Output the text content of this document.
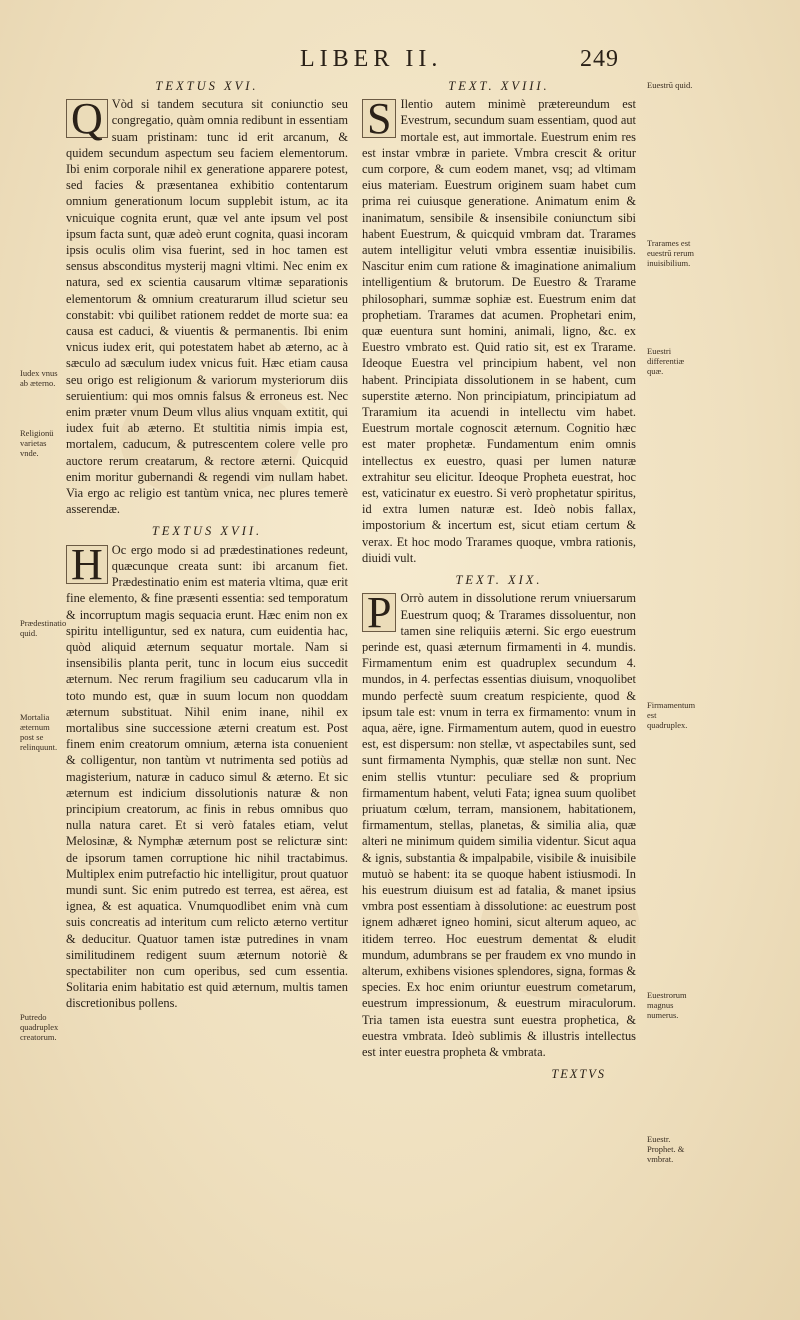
LIBER II.	249
TEXTUS XVI.

Q Vòd si tandem secutura sit coniunctio seu congregatio, quàm omnia redibunt in essentiam suam pristinam: tunc id erit arcanum, & quidem secundum aspectum seu faciem elementorum. Ibi enim corporale nihil ex generatione apparere potest, sed facies & præsentanea exhibitio contentarum omnium generationum locum supplebit istum, ac ita vnicuique cognita erunt, quæ vel ante ipsum vel post ipsum facta sunt, quæ adeò erunt cognita, quasi incoram ipsis oculis olim visa fuerint, sed in hoc tamen est sensus absconditus mysterij magni vltimi. Nec enim ex natura, sed ex scientia causarum vltimæ separationis elementorum & omnium creaturarum illud scietur seu constabit: vbi quilibet rationem reddet de morte sua: ea causa est caduci, & viuentis & permanentis. Ibi enim vnicus iudex erit, qui potestatem habet ab æterno, ac à sæculo ad sæculum iudex vnicus fuit. Hæc etiam causa seu origo est religionum & variorum mysteriorum diis seruientium: qui mos omnis falsus & erroneus est. Nec enim præter vnum Deum vllus alius vnquam extitit, qui iudex fuit ab æterno. Et stultitia nimis impia est, mortalem, caducum, & putrescentem colere velle pro auctore rerum creatarum, & rectore æterni. Quicquid enim moritur gubernandi & regendi vim nullam habet. Via ergo ac religio est tantùm vnica, nec plures temerè asserendæ.

TEXTUS XVII.

H Oc ergo modo si ad prædestinationes redeunt, quæcunque creata sunt: ibi arcanum fiet. Prædestinatio enim est materia vltima, quæ erit fine elemento, & fine præsenti essentia: sed temporatum & incorruptum magis sequacia erunt. Hæc enim non ex spiritu intelliguntur, sed ex natura, cum euidentia hac, quòd aliquid æternum sequatur mortale. Nam si insensibilis planta perit, tunc in locum eius succedit æternum. Nec rerum fragilium seu caducarum vlla in toto mundo est, quæ in suum locum non quoddam æternum substituat. Nihil enim inane, nihil ex mortalibus sine successione æterni creatum est. Post finem enim creatorum omnium, æterna ista conuenient & colligentur, non tantùm vt nutrimenta sed potiùs ad magisterium, naturæ in caduco simul & æterno. Et sic æternum est indicium dissolutionis naturæ & non principium creatorum, ac finis in rebus omnibus quo nulla natura caret. Et si verò fatales etiam, velut Melosinæ, & Nymphæ æternum post se relicturæ sint: de ipsorum tamen corruptione hic nihil tractabimus. Multiplex enim putrefactio hic intelligitur, prout quatuor mundi sunt. Sic enim putredo est terrea, est aërea, est ignea, & est aquatica. Vnumquodlibet enim vnà cum suis concreatis ad interitum cum relicto æterno vertitur & deducitur. Quatuor tamen istæ putredines in vnam similitudinem redigent suum æternum notoriè & spectabiliter non cum operibus, sed cum essentia. Solitaria enim habitatio est quid æternum, multis tamen discretionibus pollens.

TEXT. XVIII.

S Ilentio autem minimè prætereundum est Evestrum, secundum suam essentiam, quod aut mortale est, aut immortale. Euestrum enim res est instar vmbræ in pariete. Vmbra crescit & oritur cum corpore, & cum eodem manet, vsq; ad vltimam eius materiam. Euestrum originem suam habet cum prima rei cuiusque generatione. Animatum enim & inanimatum, sensibile & insensibile coniunctum sibi habent Euestrum, & quicquid vmbram dat. Trarames autem intelligitur veluti vmbra essentiæ inuisibilis. Nascitur enim cum ratione & imaginatione animalium intelligentium & brutorum. De Euestro & Trarame philosophari, summæ sophiæ est. Euestrum enim dat prophetiam. Trarames dat acumen. Prophetari enim, quæ euentura sunt homini, animali, ligno, &c. ex Euestro vmbrato est. Quid ratio sit, est ex Trarame. Ideoque Euestra vel principium habent, vel non habent. Principiata dissolutionem in se habent, cum superstite æterno. Non principiatum, principiatum ad Traramium ita acuendi in intellectu vim habet. Euestrum mortale cognoscit æternum. Cognitio hæc est mater prophetæ. Fundamentum enim omnis intellectus ex euestro, quasi per lumen naturæ extrahitur seu elicitur. Ideoque Propheta euestrat, hoc est, vaticinatur ex euestro. Si verò prophetatur spiritus, id extra lumen naturæ est. Ideò nobis fallax, impostorium & incertum est, sicut etiam certum & verax. Et hoc modo Trarames quoque, vmbra rationis, diuidi vult.

TEXT. XIX.

P Orrò autem in dissolutione rerum vniuersarum Euestrum quoq; & Trarames dissoluentur, non tamen sine reliquiis æterni. Sic ergo euestrum perinde est, quasi æternum firmamenti in 4. mundis. Firmamentum enim est quadruplex secundum 4. mundos, in 4. perfectas essentias diuisum, vnoquolibet mundo perfectè suum creatum respiciente, quod & ipsum tale est: vnum in terra ex firmamento: vnum in aqua, aëre, igne. Firmamentum autem, quod in euestro est, est dispersum: non stellæ, vt aspectabiles sunt, sed sunt firmamenta Nymphis, quæ stellæ non sunt. Nec enim stellis vtuntur: peculiare sed & proprium firmamentum habent, veluti Fata; ignea suum quolibet priuatum cœlum, terram, mansionem, habitationem, firmamentum, stellas, planetas, & similia alia, quæ alteri ne minimum quidem similia videntur. Sicut aqua & ignis, substantia & impalpabile, visibile & inuisibile mutuò se habent: ita se quoque habent istiusmodi. In his euestrum diuisum est ad fatalia, & manet ipsius vmbra post essentiam à dissolutione: ac euestrum post ignem adhæret igneo homini, sicut alterum aqueo, ac itidem terreo. Hoc euestrum dementat & eludit mundum, adumbrans se per fraudem ex vno mundo in alterum, exhibens visiones splendores, signa, formas & species. Ex hoc enim oriuntur euestrum cometarum, euestrum impressionum, & euestrum miraculorum. Tria tamen ista euestra sunt euestra prophetica, & euestra vmbrata. Ideò sublimis & illustris intellectus est inter euestra propheta & vmbrata.

TEXTVS
Iudex vnus ab æterno.
Religionü varietas vnde.
Prædestinatio quid.
Mortalia æternum post se relinquunt.
Putredo quadruplex creatorum.
Euestrū quid.
Trarames est euestrū rerum inuisibilium.
Euestri differentiæ quæ.
Firmamentum est quadruplex.
Euestrorum magnus numerus.
Euestr. Prophet. & vmbrat.
